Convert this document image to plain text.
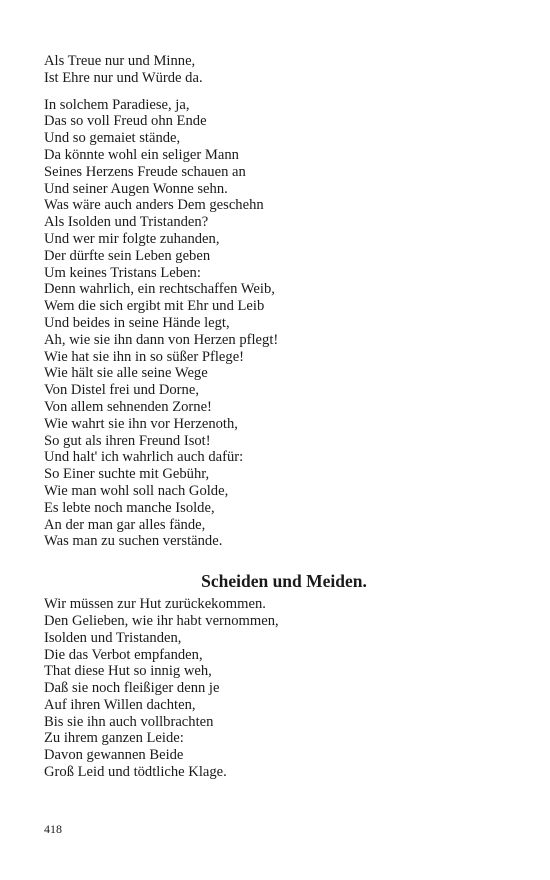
Als Treue nur und Minne,
Ist Ehre nur und Würde da.
In solchem Paradiese, ja,
Das so voll Freud ohn Ende
Und so gemaiet stände,
Da könnte wohl ein seliger Mann
Seines Herzens Freude schauen an
Und seiner Augen Wonne sehn.
Was wäre auch anders Dem geschehn
Als Isolden und Tristanden?
Und wer mir folgte zuhanden,
Der dürfte sein Leben geben
Um keines Tristans Leben:
Denn wahrlich, ein rechtschaffen Weib,
Wem die sich ergibt mit Ehr und Leib
Und beides in seine Hände legt,
Ah, wie sie ihn dann von Herzen pflegt!
Wie hat sie ihn in so süßer Pflege!
Wie hält sie alle seine Wege
Von Distel frei und Dorne,
Von allem sehnenden Zorne!
Wie wahrt sie ihn vor Herzenoth,
So gut als ihren Freund Isot!
Und halt' ich wahrlich auch dafür:
So Einer suchte mit Gebühr,
Wie man wohl soll nach Golde,
Es lebte noch manche Isolde,
An der man gar alles fände,
Was man zu suchen verstände.
Scheiden und Meiden.
Wir müssen zur Hut zurückekommen.
Den Gelieben, wie ihr habt vernommen,
Isolden und Tristanden,
Die das Verbot empfanden,
That diese Hut so innig weh,
Daß sie noch fleißiger denn je
Auf ihren Willen dachten,
Bis sie ihn auch vollbrachten
Zu ihrem ganzen Leide:
Davon gewannen Beide
Groß Leid und tödtliche Klage.
418
